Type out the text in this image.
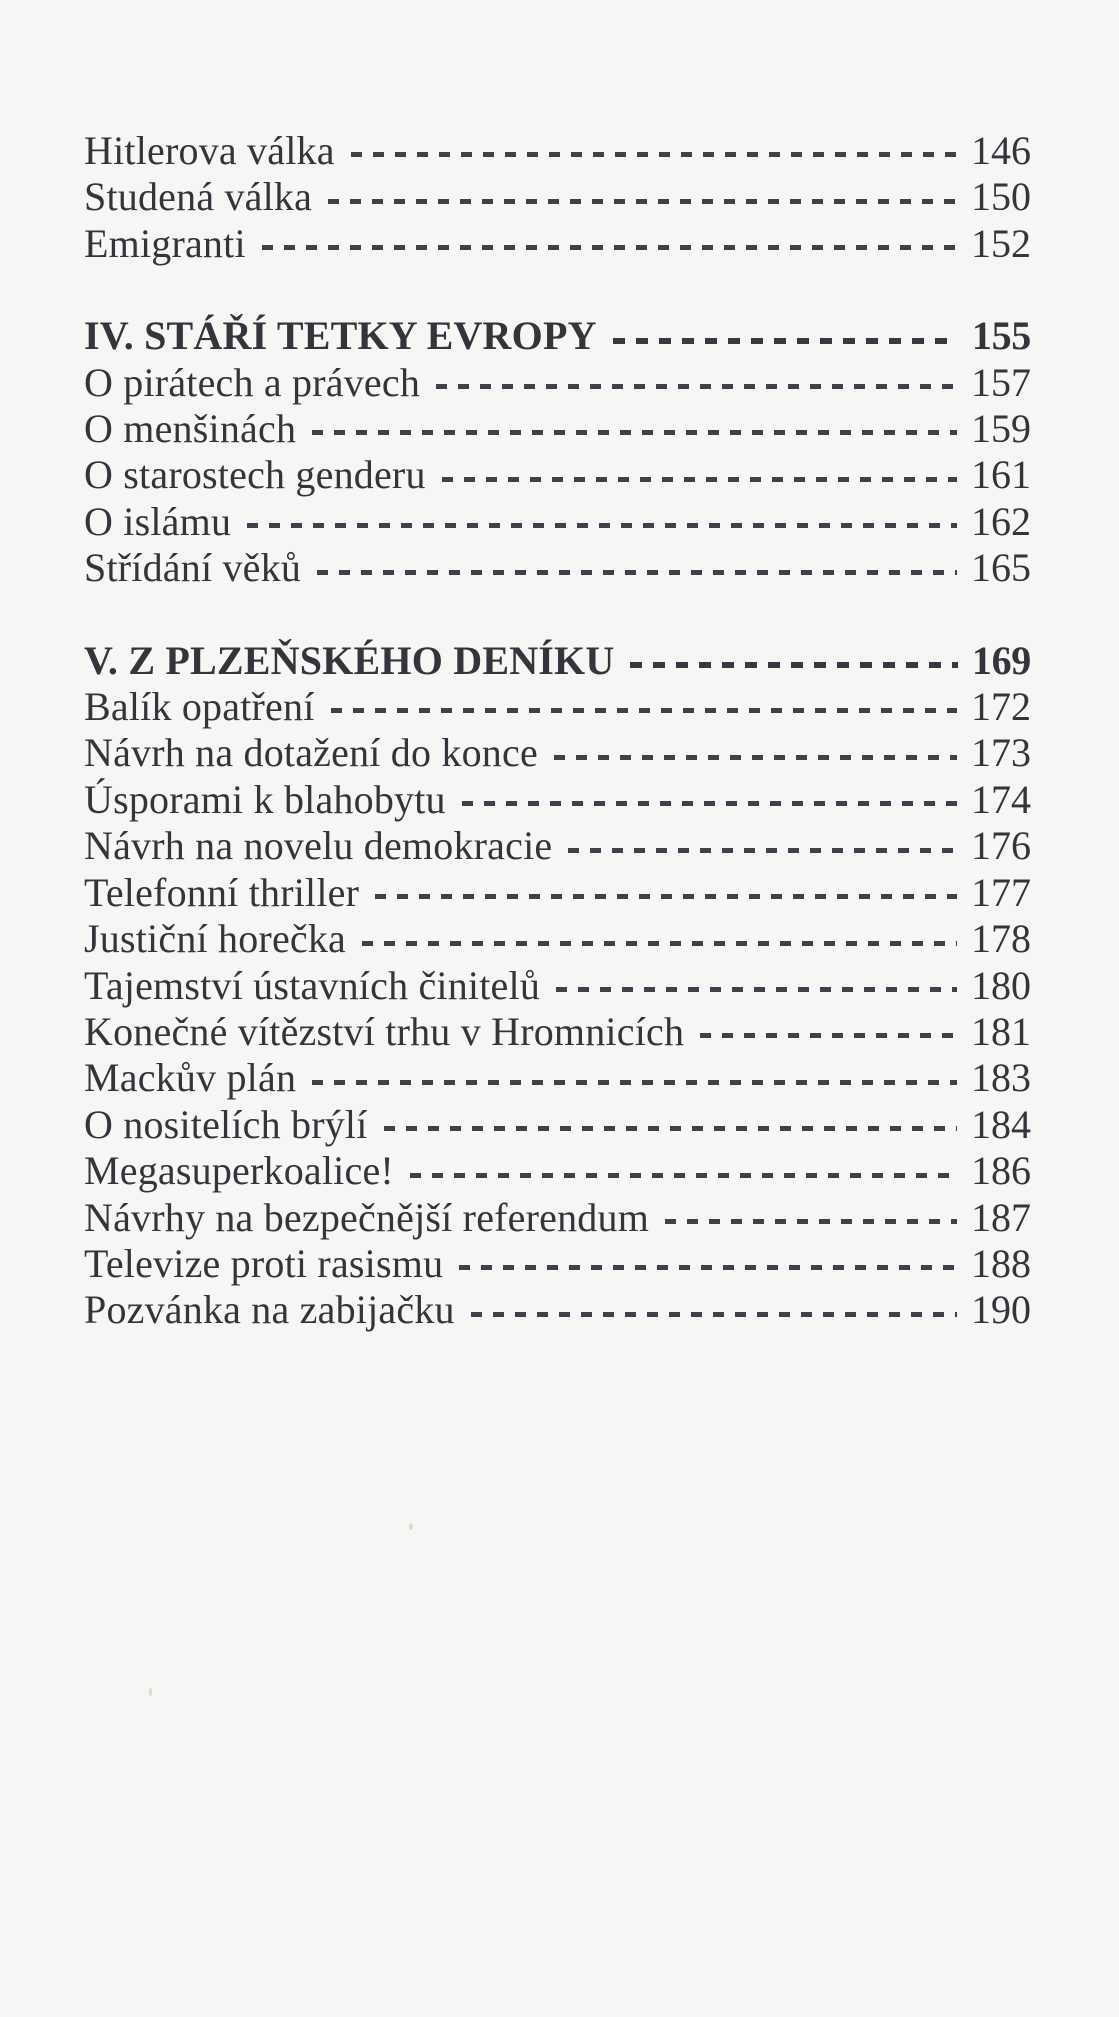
Hitlerova válka	146
Studená válka	150
Emigranti	152
IV. STÁŘÍ TETKY EVROPY	155
O pirátech a právech	157
O menšinách	159
O starostech genderu	161
O islámu	162
Střídání věků	165
V. Z PLZEŇSKÉHO DENÍKU	169
Balík opatření	172
Návrh na dotažení do konce	173
Úsporami k blahobytu	174
Návrh na novelu demokracie	176
Telefonní thriller	177
Justiční horečka	178
Tajemství ústavních činitelů	180
Konečné vítězství trhu v Hromnicích	181
Mackův plán	183
O nositelích brýlí	184
Megasuperkoalice!	186
Návrhy na bezpečnější referendum	187
Televize proti rasismu	188
Pozvánka na zabijačku	190
